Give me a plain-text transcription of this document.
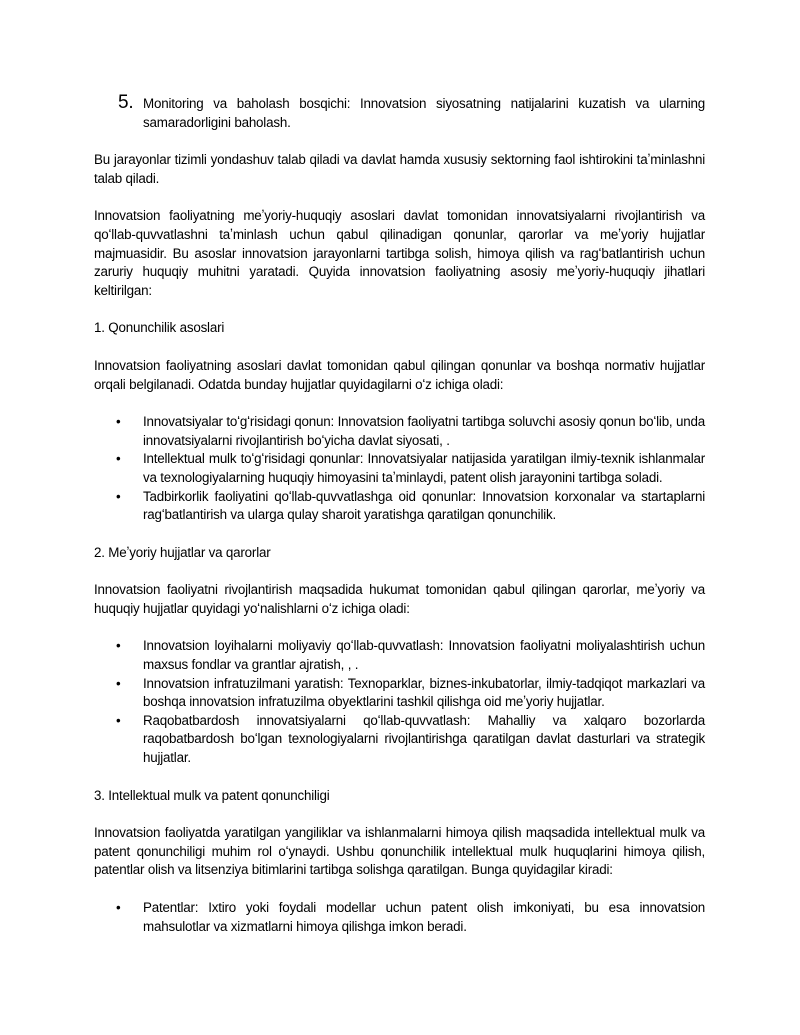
5. Monitoring va baholash bosqichi: Innovatsion siyosatning natijalarini kuzatish va ularning samaradorligini baholash.

Bu jarayonlar tizimli yondashuv talab qiladi va davlat hamda xususiy sektorning faol ishtirokini taʼminlashni talab qiladi.

Innovatsion faoliyatning meʼyoriy-huquqiy asoslari davlat tomonidan innovatsiyalarni rivojlantirish va qoʻllab-quvvatlashni taʼminlash uchun qabul qilinadigan qonunlar, qarorlar va meʼyoriy hujjatlar majmuasidir. Bu asoslar innovatsion jarayonlarni tartibga solish, himoya qilish va ragʻbatlantirish uchun zaruriy huquqiy muhitni yaratadi. Quyida innovatsion faoliyatning asosiy meʼyoriy-huquqiy jihatlari keltirilgan:

1. Qonunchilik asoslari

Innovatsion faoliyatning asoslari davlat tomonidan qabul qilingan qonunlar va boshqa normativ hujjatlar orqali belgilanadi. Odatda bunday hujjatlar quyidagilarni oʻz ichiga oladi:

• Innovatsiyalar toʻgʻrisidagi qonun: Innovatsion faoliyatni tartibga soluvchi asosiy qonun boʻlib, unda innovatsiyalarni rivojlantirish boʻyicha davlat siyosati, .
• Intellektual mulk toʻgʻrisidagi qonunlar: Innovatsiyalar natijasida yaratilgan ilmiy-texnik ishlanmalar va texnologiyalarning huquqiy himoyasini taʼminlaydi, patent olish jarayonini tartibga soladi.
• Tadbirkorlik faoliyatini qoʻllab-quvvatlashga oid qonunlar: Innovatsion korxonalar va startaplarni ragʻbatlantirish va ularga qulay sharoit yaratishga qaratilgan qonunchilik.

2. Meʼyoriy hujjatlar va qarorlar

Innovatsion faoliyatni rivojlantirish maqsadida hukumat tomonidan qabul qilingan qarorlar, meʼyoriy va huquqiy hujjatlar quyidagi yoʻnalishlarni oʻz ichiga oladi:

• Innovatsion loyihalarni moliyaviy qoʻllab-quvvatlash: Innovatsion faoliyatni moliyalashtirish uchun maxsus fondlar va grantlar ajratish, , .
• Innovatsion infratuzilmani yaratish: Texnoparklar, biznes-inkubatorlar, ilmiy-tadqiqot markazlari va boshqa innovatsion infratuzilma obyektlarini tashkil qilishga oid meʼyoriy hujjatlar.
• Raqobatbardosh innovatsiyalarni qoʻllab-quvvatlash: Mahalliy va xalqaro bozorlarda raqobatbardosh boʻlgan texnologiyalarni rivojlantirishga qaratilgan davlat dasturlari va strategik hujjatlar.

3. Intellektual mulk va patent qonunchiligi

Innovatsion faoliyatda yaratilgan yangiliklar va ishlanmalarni himoya qilish maqsadida intellektual mulk va patent qonunchiligi muhim rol oʻynaydi. Ushbu qonunchilik intellektual mulk huquqlarini himoya qilish, patentlar olish va litsenziya bitimlarini tartibga solishga qaratilgan. Bunga quyidagilar kiradi:

• Patentlar: Ixtiro yoki foydali modellar uchun patent olish imkoniyati, bu esa innovatsion mahsulotlar va xizmatlarni himoya qilishga imkon beradi.
